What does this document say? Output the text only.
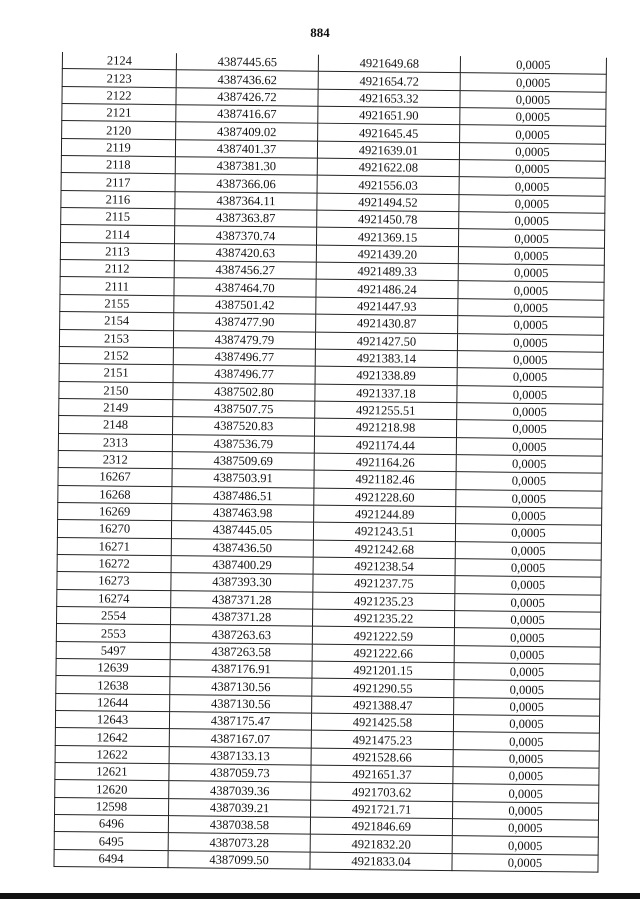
884
2124	4387445.65	4921649.68	0,0005
2123	4387436.62	4921654.72	0,0005
2122	4387426.72	4921653.32	0,0005
2121	4387416.67	4921651.90	0,0005
2120	4387409.02	4921645.45	0,0005
2119	4387401.37	4921639.01	0,0005
2118	4387381.30	4921622.08	0,0005
2117	4387366.06	4921556.03	0,0005
2116	4387364.11	4921494.52	0,0005
2115	4387363.87	4921450.78	0,0005
2114	4387370.74	4921369.15	0,0005
2113	4387420.63	4921439.20	0,0005
2112	4387456.27	4921489.33	0,0005
2111	4387464.70	4921486.24	0,0005
2155	4387501.42	4921447.93	0,0005
2154	4387477.90	4921430.87	0,0005
2153	4387479.79	4921427.50	0,0005
2152	4387496.77	4921383.14	0,0005
2151	4387496.77	4921338.89	0,0005
2150	4387502.80	4921337.18	0,0005
2149	4387507.75	4921255.51	0,0005
2148	4387520.83	4921218.98	0,0005
2313	4387536.79	4921174.44	0,0005
2312	4387509.69	4921164.26	0,0005
16267	4387503.91	4921182.46	0,0005
16268	4387486.51	4921228.60	0,0005
16269	4387463.98	4921244.89	0,0005
16270	4387445.05	4921243.51	0,0005
16271	4387436.50	4921242.68	0,0005
16272	4387400.29	4921238.54	0,0005
16273	4387393.30	4921237.75	0,0005
16274	4387371.28	4921235.23	0,0005
2554	4387371.28	4921235.22	0,0005
2553	4387263.63	4921222.59	0,0005
5497	4387263.58	4921222.66	0,0005
12639	4387176.91	4921201.15	0,0005
12638	4387130.56	4921290.55	0,0005
12644	4387130.56	4921388.47	0,0005
12643	4387175.47	4921425.58	0,0005
12642	4387167.07	4921475.23	0,0005
12622	4387133.13	4921528.66	0,0005
12621	4387059.73	4921651.37	0,0005
12620	4387039.36	4921703.62	0,0005
12598	4387039.21	4921721.71	0,0005
6496	4387038.58	4921846.69	0,0005
6495	4387073.28	4921832.20	0,0005
6494	4387099.50	4921833.04	0,0005
